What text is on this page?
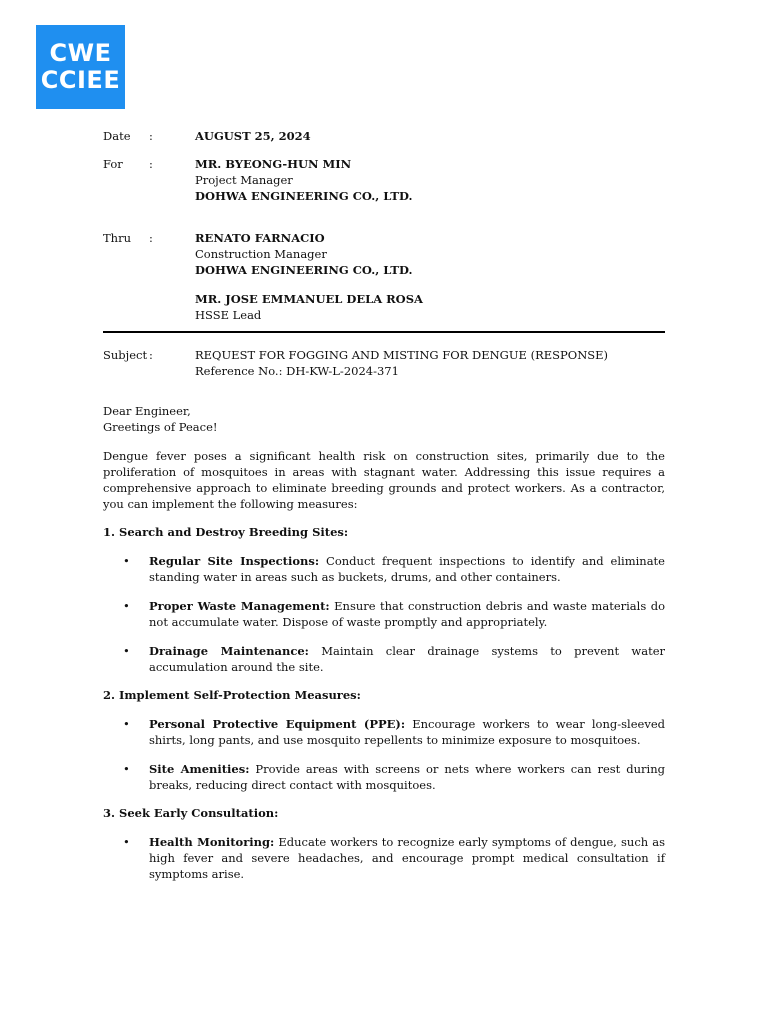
CWE
CCIEE
Date :	AUGUST 25, 2024
For :	MR. BYEONG-HUN MIN
Project Manager
DOHWA ENGINEERING CO., LTD.
Thru :	RENATO FARNACIO
Construction Manager
DOHWA ENGINEERING CO., LTD.
MR. JOSE EMMANUEL DELA ROSA
HSSE Lead
Subject :	REQUEST FOR FOGGING AND MISTING FOR DENGUE (RESPONSE)
Reference No.: DH-KW-L-2024-371
Dear Engineer,
Greetings of Peace!

Dengue fever poses a significant health risk on construction sites, primarily due to the proliferation of mosquitoes in areas with stagnant water. Addressing this issue requires a comprehensive approach to eliminate breeding grounds and protect workers. As a contractor, you can implement the following measures:

1. Search and Destroy Breeding Sites:

• Regular Site Inspections: Conduct frequent inspections to identify and eliminate standing water in areas such as buckets, drums, and other containers.
• Proper Waste Management: Ensure that construction debris and waste materials do not accumulate water. Dispose of waste promptly and appropriately.
• Drainage Maintenance: Maintain clear drainage systems to prevent water accumulation around the site.

2. Implement Self-Protection Measures:

• Personal Protective Equipment (PPE): Encourage workers to wear long-sleeved shirts, long pants, and use mosquito repellents to minimize exposure to mosquitoes.
• Site Amenities: Provide areas with screens or nets where workers can rest during breaks, reducing direct contact with mosquitoes.

3. Seek Early Consultation:

• Health Monitoring: Educate workers to recognize early symptoms of dengue, such as high fever and severe headaches, and encourage prompt medical consultation if symptoms arise.
